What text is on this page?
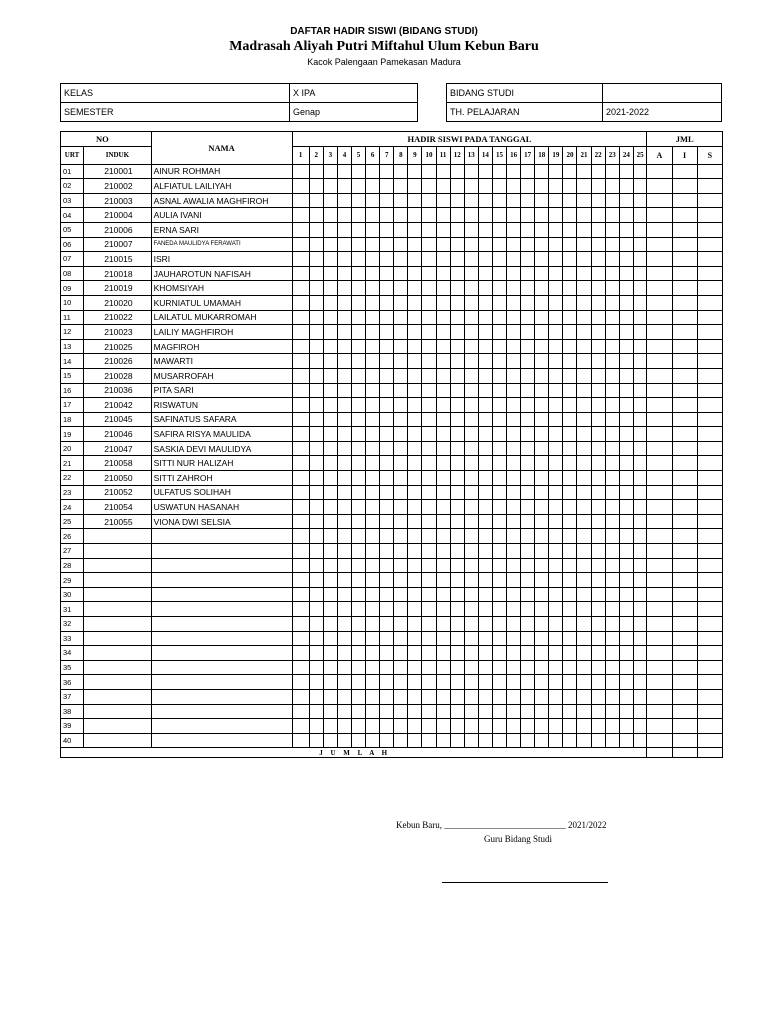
DAFTAR HADIR SISWI (BIDANG STUDI)
Madrasah Aliyah Putri Miftahul Ulum Kebun Baru
Kacok Palengaan Pamekasan Madura
KELAS	X IPA
SEMESTER	Genap
BIDANG STUDI	
TH. PELAJARAN	2021-2022
NO		NAMA	HADIR SISWI PADA TANGGAL																									JML		
URT	INDUK		1	2	3	4	5	6	7	8	9	10	11	12	13	14	15	16	17	18	19	20	21	22	23	24	25	A	I	S
01	210001	AINUR ROHMAH																												
02	210002	ALFIATUL LAILIYAH																												
03	210003	ASNAL AWALIA MAGHFIROH																												
04	210004	AULIA IVANI																												
05	210006	ERNA SARI																												
06	210007	FANEDA MAULIDYA FERAWATI																												
07	210015	ISRI																												
08	210018	JAUHAROTUN NAFISAH																												
09	210019	KHOMSIYAH																												
10	210020	KURNIATUL UMAMAH																												
11	210022	LAILATUL MUKARROMAH																												
12	210023	LAILIY MAGHFIROH																												
13	210025	MAGFIROH																												
14	210026	MAWARTI																												
15	210028	MUSARROFAH																												
16	210036	PITA SARI																												
17	210042	RISWATUN																												
18	210045	SAFINATUS SAFARA																												
19	210046	SAFIRA RISYA MAULIDA																												
20	210047	SASKIA DEVI MAULIDYA																												
21	210058	SITTI NUR HALIZAH																												
22	210050	SITTI ZAHROH																												
23	210052	ULFATUS SOLIHAH																												
24	210054	USWATUN HASANAH																												
25	210055	VIONA DWI SELSIA																												
26																														
27																														
28																														
29																														
30																														
31																														
32																														
33																														
34																														
35																														
36																														
37																														
38																														
39																														
40																														
J U M L A H																														
Kebun Baru, ___________________________ 2021/2022
Guru Bidang Studi
